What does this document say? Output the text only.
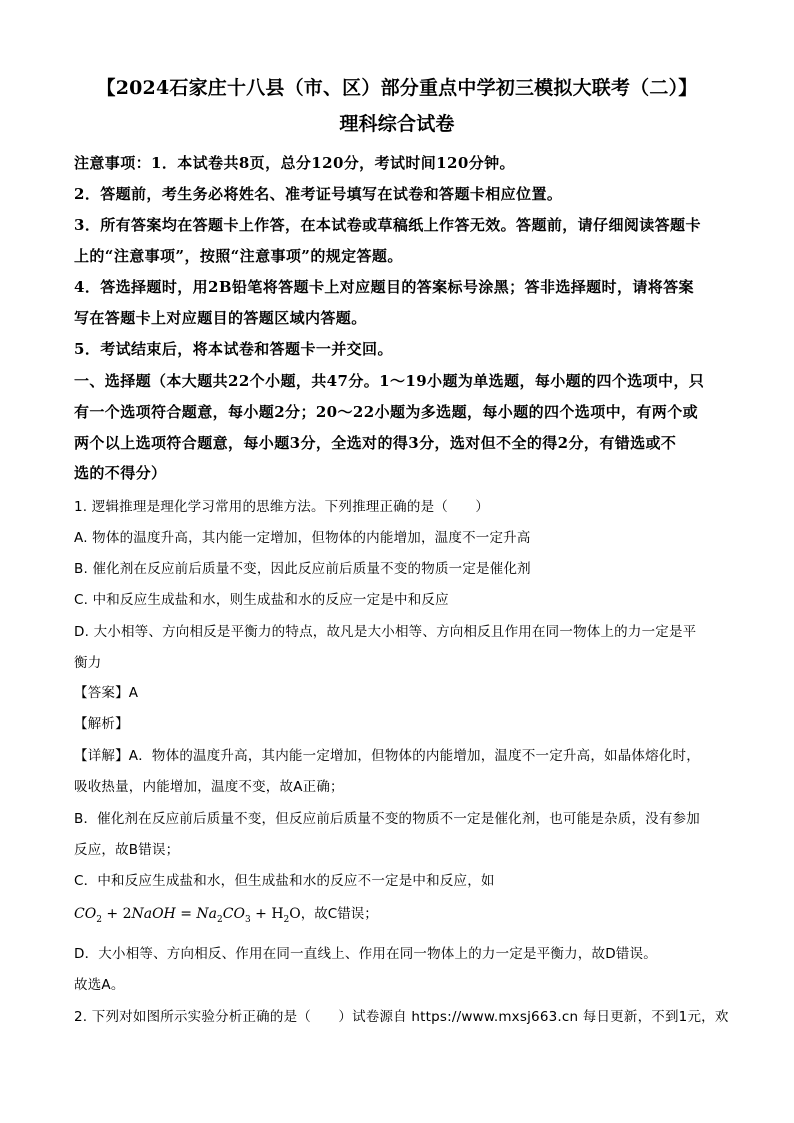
【2024石家庄十八县（市、区）部分重点中学初三模拟大联考（二）】
理科综合试卷
注意事项：1．本试卷共8页，总分120分，考试时间120分钟。
2．答题前，考生务必将姓名、准考证号填写在试卷和答题卡相应位置。
3．所有答案均在答题卡上作答，在本试卷或草稿纸上作答无效。答题前，请仔细阅读答题卡
上的“注意事项”，按照“注意事项”的规定答题。
4．答选择题时，用2B铅笔将答题卡上对应题目的答案标号涂黑；答非选择题时，请将答案
写在答题卡上对应题目的答题区域内答题。
5．考试结束后，将本试卷和答题卡一并交回。
一、选择题（本大题共22个小题，共47分。1～19小题为单选题，每小题的四个选项中，只
有一个选项符合题意，每小题2分；20～22小题为多选题，每小题的四个选项中，有两个或
两个以上选项符合题意，每小题3分，全选对的得3分，选对但不全的得2分，有错选或不
选的不得分）
1. 逻辑推理是理化学习常用的思维方法。下列推理正确的是（　　）
A. 物体的温度升高，其内能一定增加，但物体的内能增加，温度不一定升高
B. 催化剂在反应前后质量不变，因此反应前后质量不变的物质一定是催化剂
C. 中和反应生成盐和水，则生成盐和水的反应一定是中和反应
D. 大小相等、方向相反是平衡力的特点，故凡是大小相等、方向相反且作用在同一物体上的力一定是平
衡力
【答案】A
【解析】
【详解】A．物体的温度升高，其内能一定增加，但物体的内能增加，温度不一定升高，如晶体熔化时，
吸收热量，内能增加，温度不变，故A正确；
B．催化剂在反应前后质量不变，但反应前后质量不变的物质不一定是催化剂，也可能是杂质，没有参加
反应，故B错误；
C．中和反应生成盐和水，但生成盐和水的反应不一定是中和反应，如
$CO_2$ + 2NaOH = $Na_2CO_3 + H_2O$，故C错误；
D．大小相等、方向相反、作用在同一直线上、作用在同一物体上的力一定是平衡力，故D错误。
故选A。
2. 下列对如图所示实验分析正确的是（　　）试卷源自 https://www.mxsj663.cn 每日更新，不到1元，欢
